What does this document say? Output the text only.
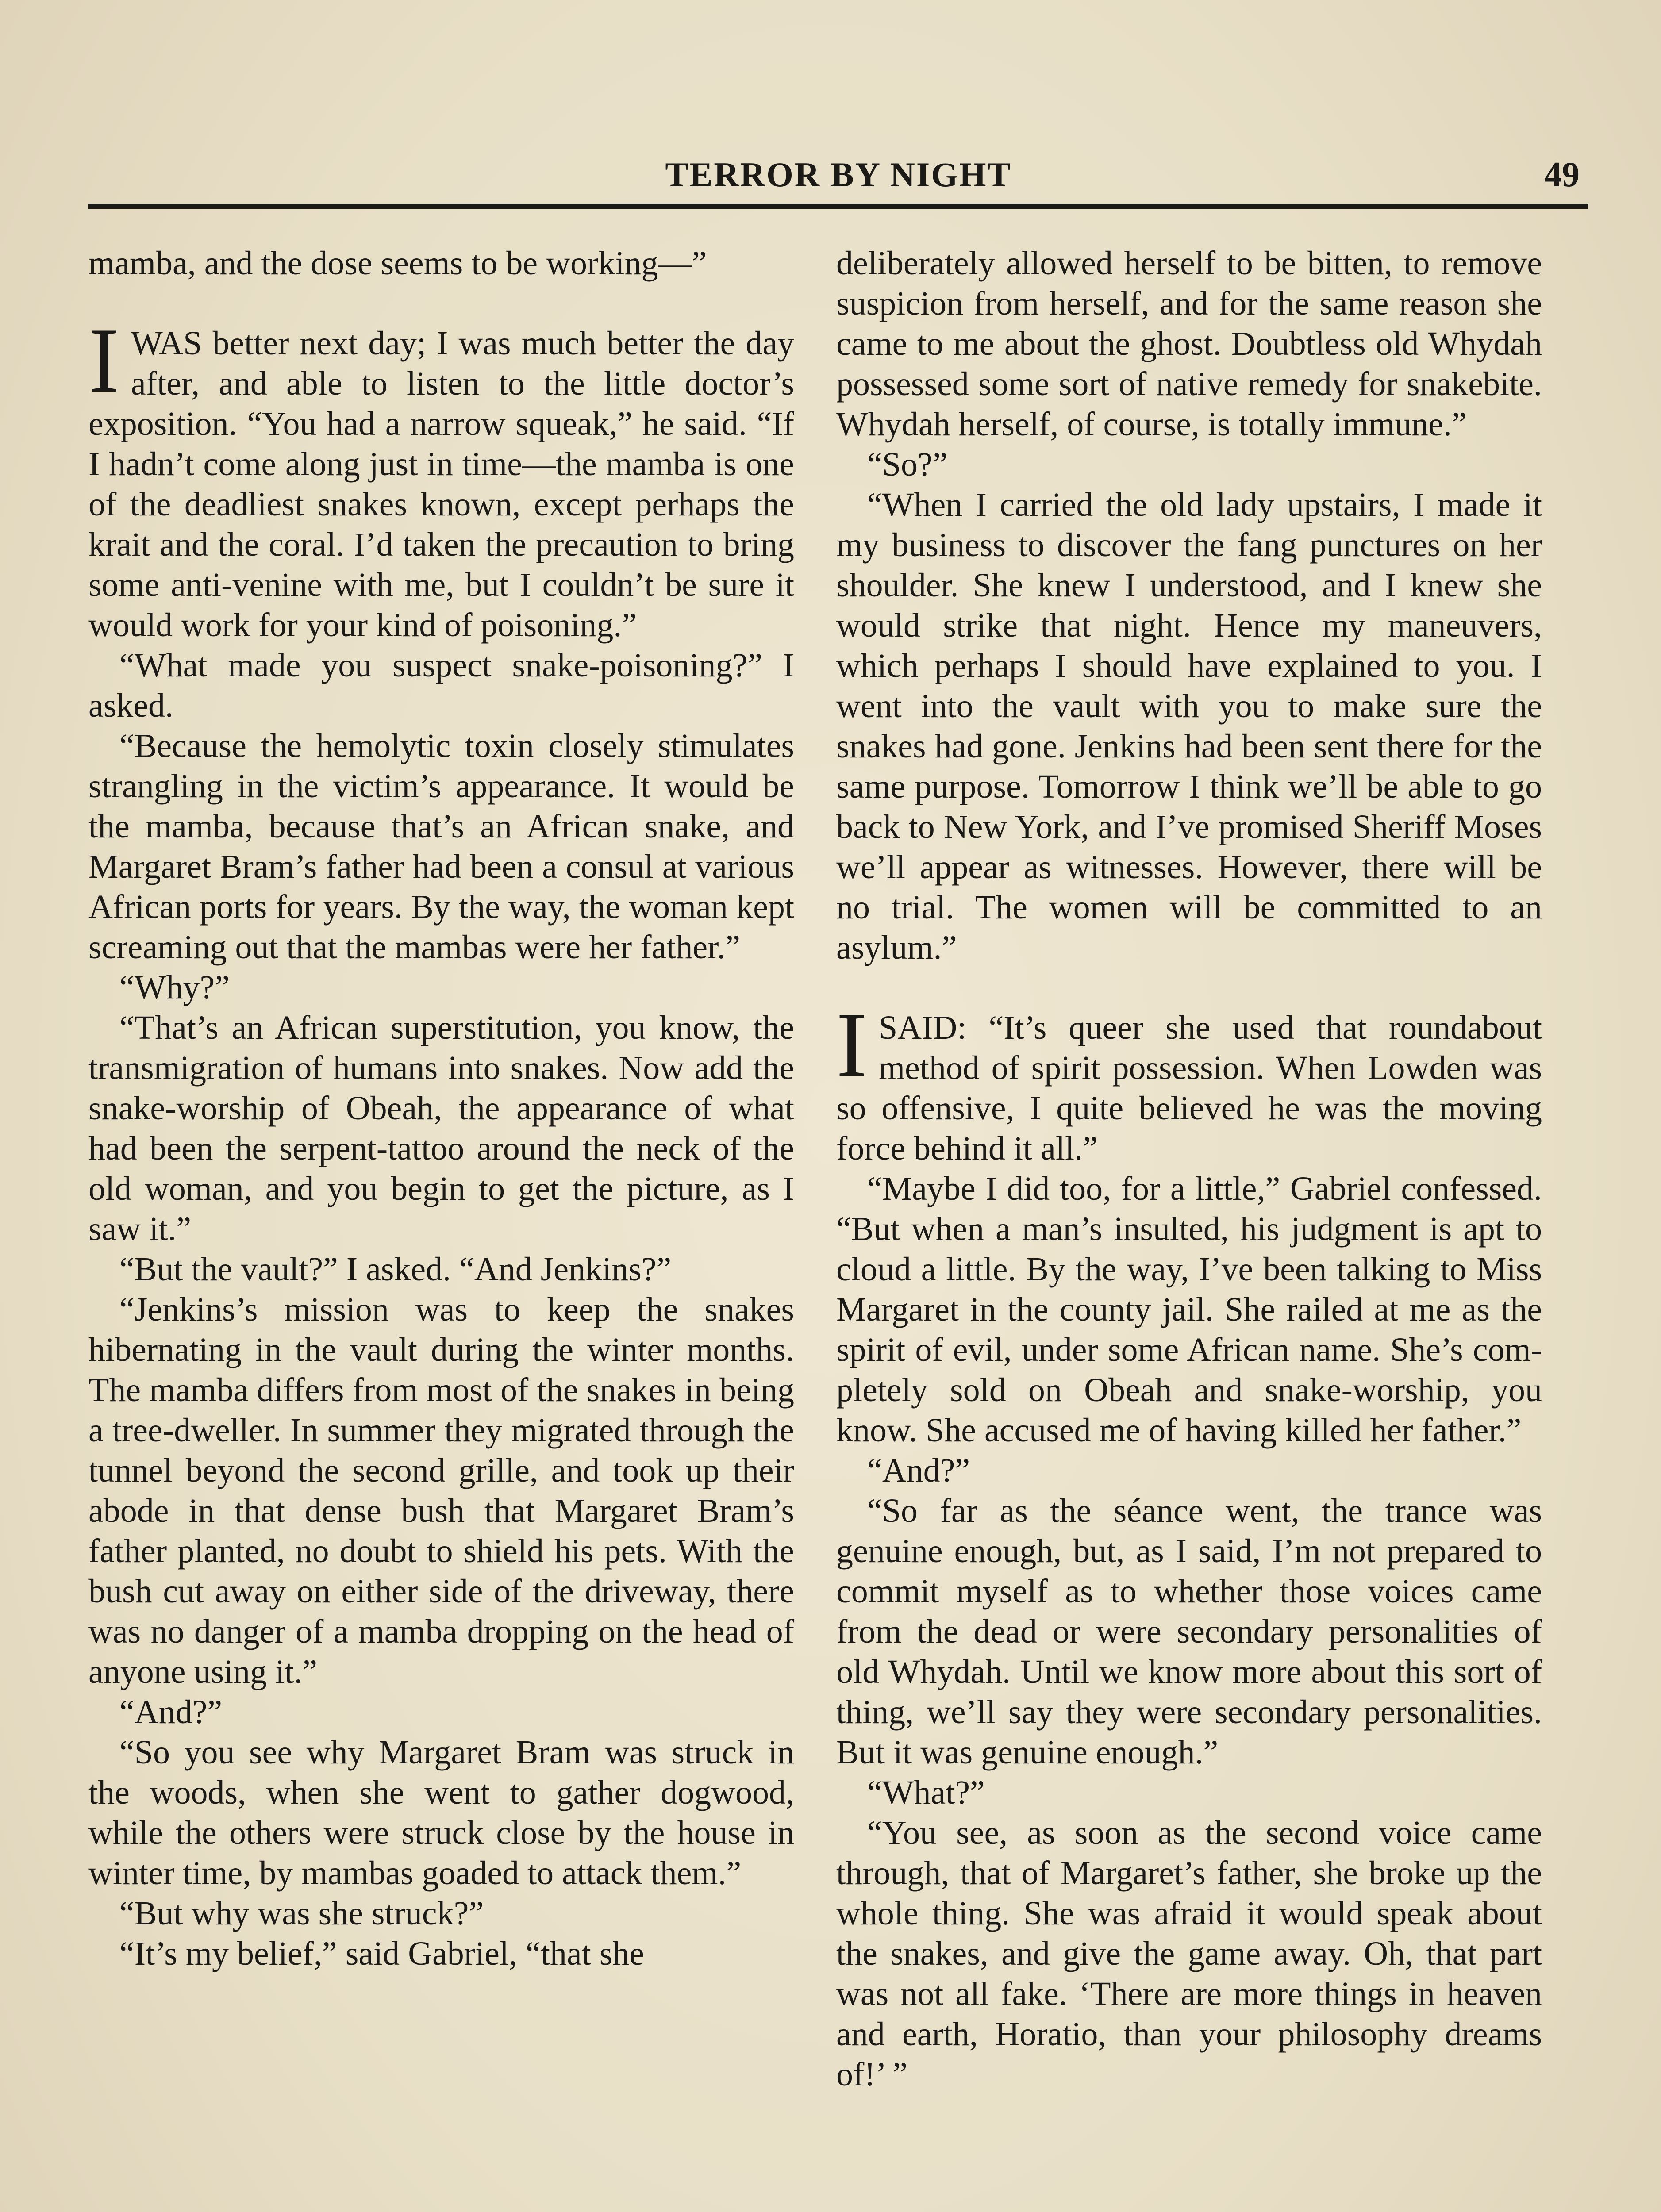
TERROR BY NIGHT	49

mamba, and the dose seems to be working—”

IWAS better next day; I was much better the day after, and able to listen to the little doctor’s exposition. “You had a narrow squeak,” he said. “If I hadn’t come along just in time—the mamba is one of the deadliest snakes known, except perhaps the krait and the coral. I’d taken the precaution to bring some anti-venine with me, but I couldn’t be sure it would work for your kind of poisoning.”

“What made you suspect snake-poisoning?” I asked.

“Because the hemolytic toxin closely stimulates strangling in the victim’s appearance. It would be the mamba, because that’s an African snake, and Margaret Bram’s father had been a consul at various African ports for years. By the way, the woman kept screaming out that the mambas were her father.”

“Why?”

“That’s an African superstitution, you know, the transmigration of humans into snakes. Now add the snake-worship of Obeah, the appearance of what had been the serpent-tattoo around the neck of the old woman, and you begin to get the picture, as I saw it.”

“But the vault?” I asked. “And Jenkins?”

“Jenkins’s mission was to keep the snakes hibernating in the vault during the winter months. The mamba differs from most of the snakes in being a tree-dweller. In summer they migrated through the tunnel beyond the second grille, and took up their abode in that dense bush that Margaret Bram’s father planted, no doubt to shield his pets. With the bush cut away on either side of the driveway, there was no danger of a mamba dropping on the head of anyone using it.”

“And?”

“So you see why Margaret Bram was struck in the woods, when she went to gather dogwood, while the others were struck close by the house in winter time, by mambas goaded to attack them.”

“But why was she struck?”

“It’s my belief,” said Gabriel, “that she

deliberately allowed herself to be bitten, to remove suspicion from herself, and for the same reason she came to me about the ghost. Doubtless old Whydah possessed some sort of native remedy for snakebite. Whydah herself, of course, is totally immune.”

“So?”

“When I carried the old lady upstairs, I made it my business to discover the fang punctures on her shoulder. She knew I understood, and I knew she would strike that night. Hence my maneuvers, which perhaps I should have explained to you. I went into the vault with you to make sure the snakes had gone. Jenkins had been sent there for the same purpose. Tomorrow I think we’ll be able to go back to New York, and I’ve promised Sheriff Moses we’ll appear as witnesses. However, there will be no trial. The women will be committed to an asylum.”

ISAID: “It’s queer she used that roundabout method of spirit possession. When Lowden was so offensive, I quite believed he was the moving force behind it all.”

“Maybe I did too, for a little,” Gabriel confessed. “But when a man’s insulted, his judgment is apt to cloud a little. By the way, I’ve been talking to Miss Margaret in the county jail. She railed at me as the spirit of evil, under some African name. She’s completely sold on Obeah and snake-worship, you know. She accused me of having killed her father.”

“And?”

“So far as the séance went, the trance was genuine enough, but, as I said, I’m not prepared to commit myself as to whether those voices came from the dead or were secondary personalities of old Whydah. Until we know more about this sort of thing, we’ll say they were secondary personalities. But it was genuine enough.”

“What?”

“You see, as soon as the second voice came through, that of Margaret’s father, she broke up the whole thing. She was afraid it would speak about the snakes, and give the game away. Oh, that part was not all fake. ‘There are more things in heaven and earth, Horatio, than your philosophy dreams of!’ ”
